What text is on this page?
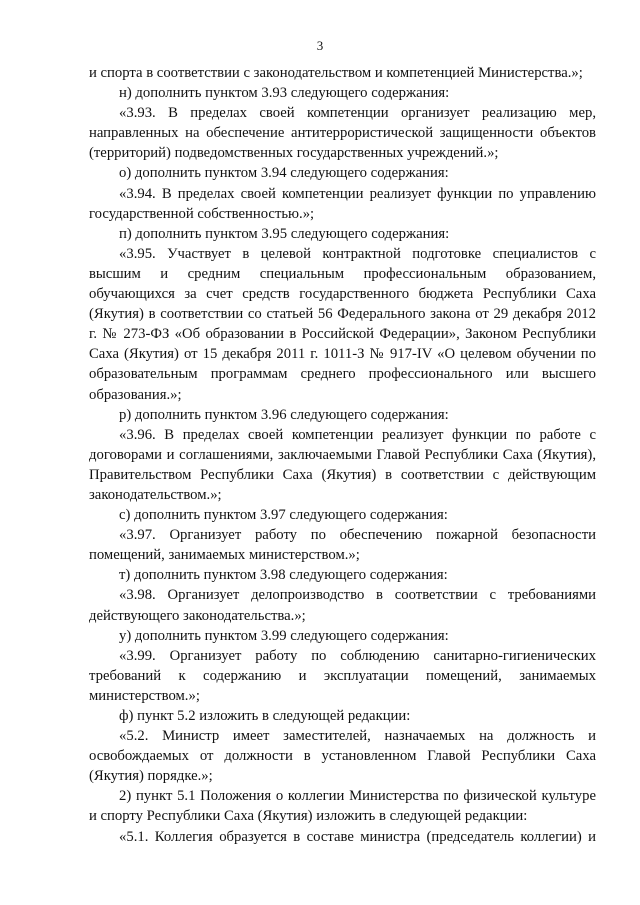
3

и спорта в соответствии с законодательством и компетенцией Министерства.»;

н) дополнить пунктом 3.93 следующего содержания:

«3.93. В пределах своей компетенции организует реализацию мер, направленных на обеспечение антитеррористической защищенности объектов (территорий) подведомственных государственных учреждений.»;

о) дополнить пунктом 3.94 следующего содержания:

«3.94. В пределах своей компетенции реализует функции по управлению государственной собственностью.»;

п) дополнить пунктом 3.95 следующего содержания:

«3.95. Участвует в целевой контрактной подготовке специалистов с высшим и средним специальным профессиональным образованием, обучающихся за счет средств государственного бюджета Республики Саха (Якутия) в соответствии со статьей 56 Федерального закона от 29 декабря 2012 г. № 273-ФЗ «Об образовании в Российской Федерации», Законом Республики Саха (Якутия) от 15 декабря 2011 г. 1011-З № 917-IV «О целевом обучении по образовательным программам среднего профессионального или высшего образования.»;

р) дополнить пунктом 3.96 следующего содержания:

«3.96. В пределах своей компетенции реализует функции по работе с договорами и соглашениями, заключаемыми Главой Республики Саха (Якутия), Правительством Республики Саха (Якутия) в соответствии с действующим законодательством.»;

с) дополнить пунктом 3.97 следующего содержания:

«3.97. Организует работу по обеспечению пожарной безопасности помещений, занимаемых министерством.»;

т) дополнить пунктом 3.98 следующего содержания:

«3.98. Организует делопроизводство в соответствии с требованиями действующего законодательства.»;

у) дополнить пунктом 3.99 следующего содержания:

«3.99. Организует работу по соблюдению санитарно-гигиенических требований к содержанию и эксплуатации помещений, занимаемых министерством.»;

ф) пункт 5.2 изложить в следующей редакции:

«5.2. Министр имеет заместителей, назначаемых на должность и освобождаемых от должности в установленном Главой Республики Саха (Якутия) порядке.»;

2) пункт 5.1 Положения о коллегии Министерства по физической культуре и спорту Республики Саха (Якутия) изложить в следующей редакции:

«5.1. Коллегия образуется в составе министра (председатель коллегии) и
